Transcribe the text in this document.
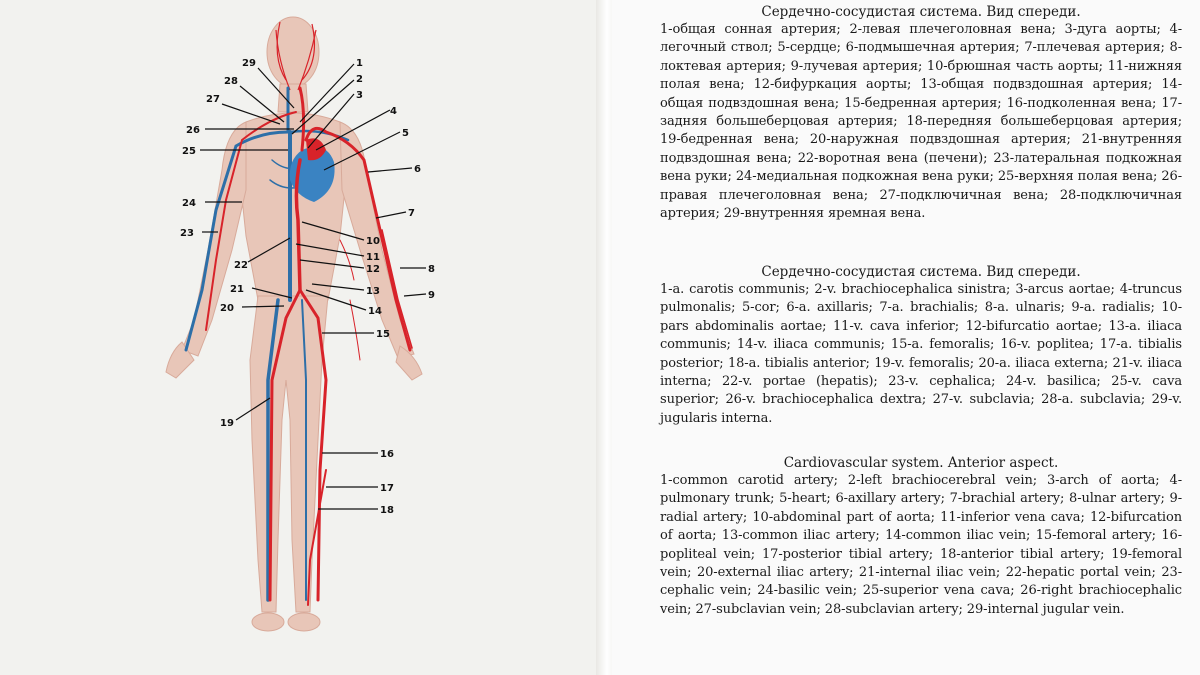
29
28
27
26
25
24
23
22
21
20
19
1
2
3
4
5
6
7
8
9
10
11
12
13
14
15
16
17
18
Сердечно-сосудистая система. Вид спереди.

1-общая сонная артерия; 2-левая плечеголовная вена; 3-дуга аорты; 4-легочный ствол; 5-сердце; 6-подмышечная артерия; 7-плечевая артерия; 8-локтевая артерия; 9-лучевая артерия; 10-брюшная часть аорты; 11-нижняя полая вена; 12-бифуркация аорты; 13-общая подвздошная артерия; 14-общая подвздошная вена; 15-бедренная артерия; 16-подколенная вена; 17-задняя большеберцовая артерия; 18-передняя большеберцовая артерия; 19-бедренная вена; 20-наружная подвздошная артерия; 21-внутренняя подвздошная вена; 22-воротная вена (печени); 23-латеральная подкожная вена руки; 24-медиальная подкожная вена руки; 25-верхняя полая вена; 26-правая плечеголовная вена; 27-подключичная вена; 28-подключичная артерия; 29-внутренняя яремная вена.

Сердечно-сосудистая система. Вид спереди.

1-a. carotis communis; 2-v. brachiocephalica sinistra; 3-arcus aortae; 4-truncus pulmonalis; 5-cor; 6-a. axillaris; 7-a. brachialis; 8-a. ulnaris; 9-a. radialis; 10-pars abdominalis aortae; 11-v. cava inferior; 12-bifurcatio aortae; 13-a. iliaca communis; 14-v. iliaca communis; 15-a. femoralis; 16-v. poplitea; 17-a. tibialis posterior; 18-a. tibialis anterior; 19-v. femoralis; 20-a. iliaca externa; 21-v. iliaca interna; 22-v. portae (hepatis); 23-v. cephalica; 24-v. basilica; 25-v. cava superior; 26-v. brachiocephalica dextra; 27-v. subclavia; 28-a. subclavia; 29-v. jugularis interna.

Cardiovascular system. Anterior aspect.

1-common carotid artery; 2-left brachiocerebral vein; 3-arch of aorta; 4-pulmonary trunk; 5-heart; 6-axillary artery; 7-brachial artery; 8-ulnar artery; 9-radial artery; 10-abdominal part of aorta; 11-inferior vena cava; 12-bifurcation of aorta; 13-common iliac artery; 14-common iliac vein; 15-femoral artery; 16-popliteal vein; 17-posterior tibial artery; 18-anterior tibial artery; 19-femoral vein; 20-external iliac artery; 21-internal iliac vein; 22-hepatic portal vein; 23-cephalic vein; 24-basilic vein; 25-superior vena cava; 26-right brachiocephalic vein; 27-subclavian vein; 28-subclavian artery; 29-internal jugular vein.
